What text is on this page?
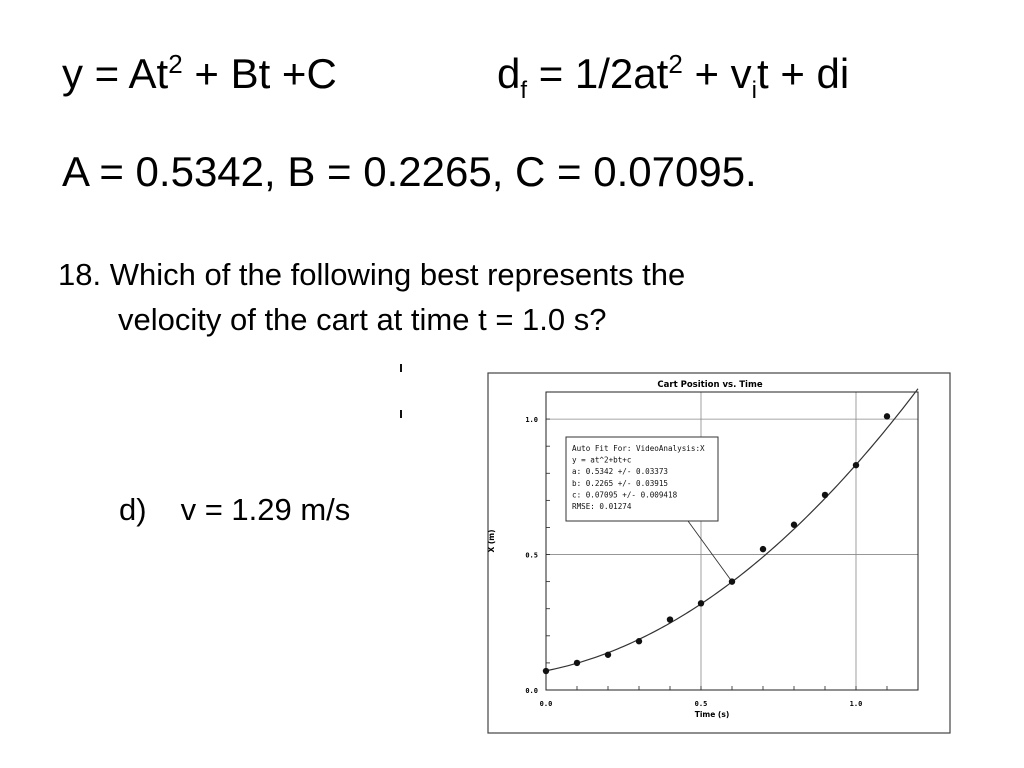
$y = At^2 + Bt +C$	$d_f = 1/2at^2 + v_it$ + di
A = 0.5342, B = 0.2265, C = 0.07095.
18. Which of the following best represents the
velocity of the cart at time t = 1.0 s?
d) v = 1.29 m/s
Cart Position vs. Time
0.0	0.5	1.0
0.0
0.5
1.0
Time (s)
X (m)
Auto Fit For: VideoAnalysis:X
y = at^2+bt+c
a: 0.5342 +/- 0.03373
b: 0.2265 +/- 0.03915
c: 0.07095 +/- 0.009418
RMSE: 0.01274
